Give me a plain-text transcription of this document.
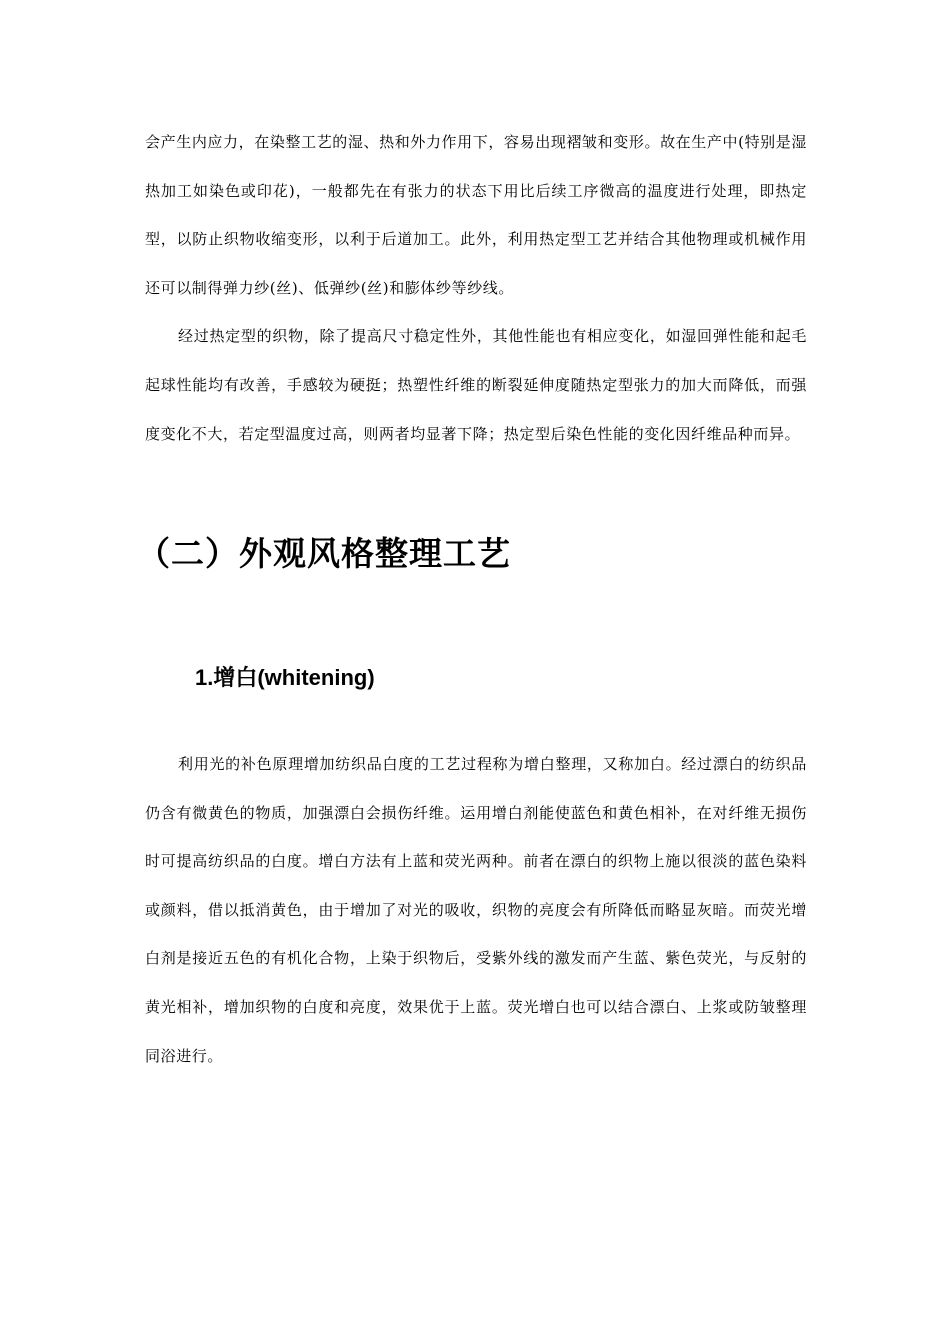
会产生内应力，在染整工艺的湿、热和外力作用下，容易出现褶皱和变形。故在生产中(特别是湿热加工如染色或印花)，一般都先在有张力的状态下用比后续工序微高的温度进行处理，即热定型，以防止织物收缩变形，以利于后道加工。此外，利用热定型工艺并结合其他物理或机械作用还可以制得弹力纱(丝)、低弹纱(丝)和膨体纱等纱线。

经过热定型的织物，除了提高尺寸稳定性外，其他性能也有相应变化，如湿回弹性能和起毛起球性能均有改善，手感较为硬挺；热塑性纤维的断裂延伸度随热定型张力的加大而降低，而强度变化不大，若定型温度过高，则两者均显著下降；热定型后染色性能的变化因纤维品种而异。

（二）外观风格整理工艺
1.增白(whitening)

利用光的补色原理增加纺织品白度的工艺过程称为增白整理，又称加白。经过漂白的纺织品仍含有微黄色的物质，加强漂白会损伤纤维。运用增白剂能使蓝色和黄色相补，在对纤维无损伤时可提高纺织品的白度。增白方法有上蓝和荧光两种。前者在漂白的织物上施以很淡的蓝色染料或颜料，借以抵消黄色，由于增加了对光的吸收，织物的亮度会有所降低而略显灰暗。而荧光增白剂是接近五色的有机化合物，上染于织物后，受紫外线的激发而产生蓝、紫色荧光，与反射的黄光相补，增加织物的白度和亮度，效果优于上蓝。荧光增白也可以结合漂白、上浆或防皱整理同浴进行。
